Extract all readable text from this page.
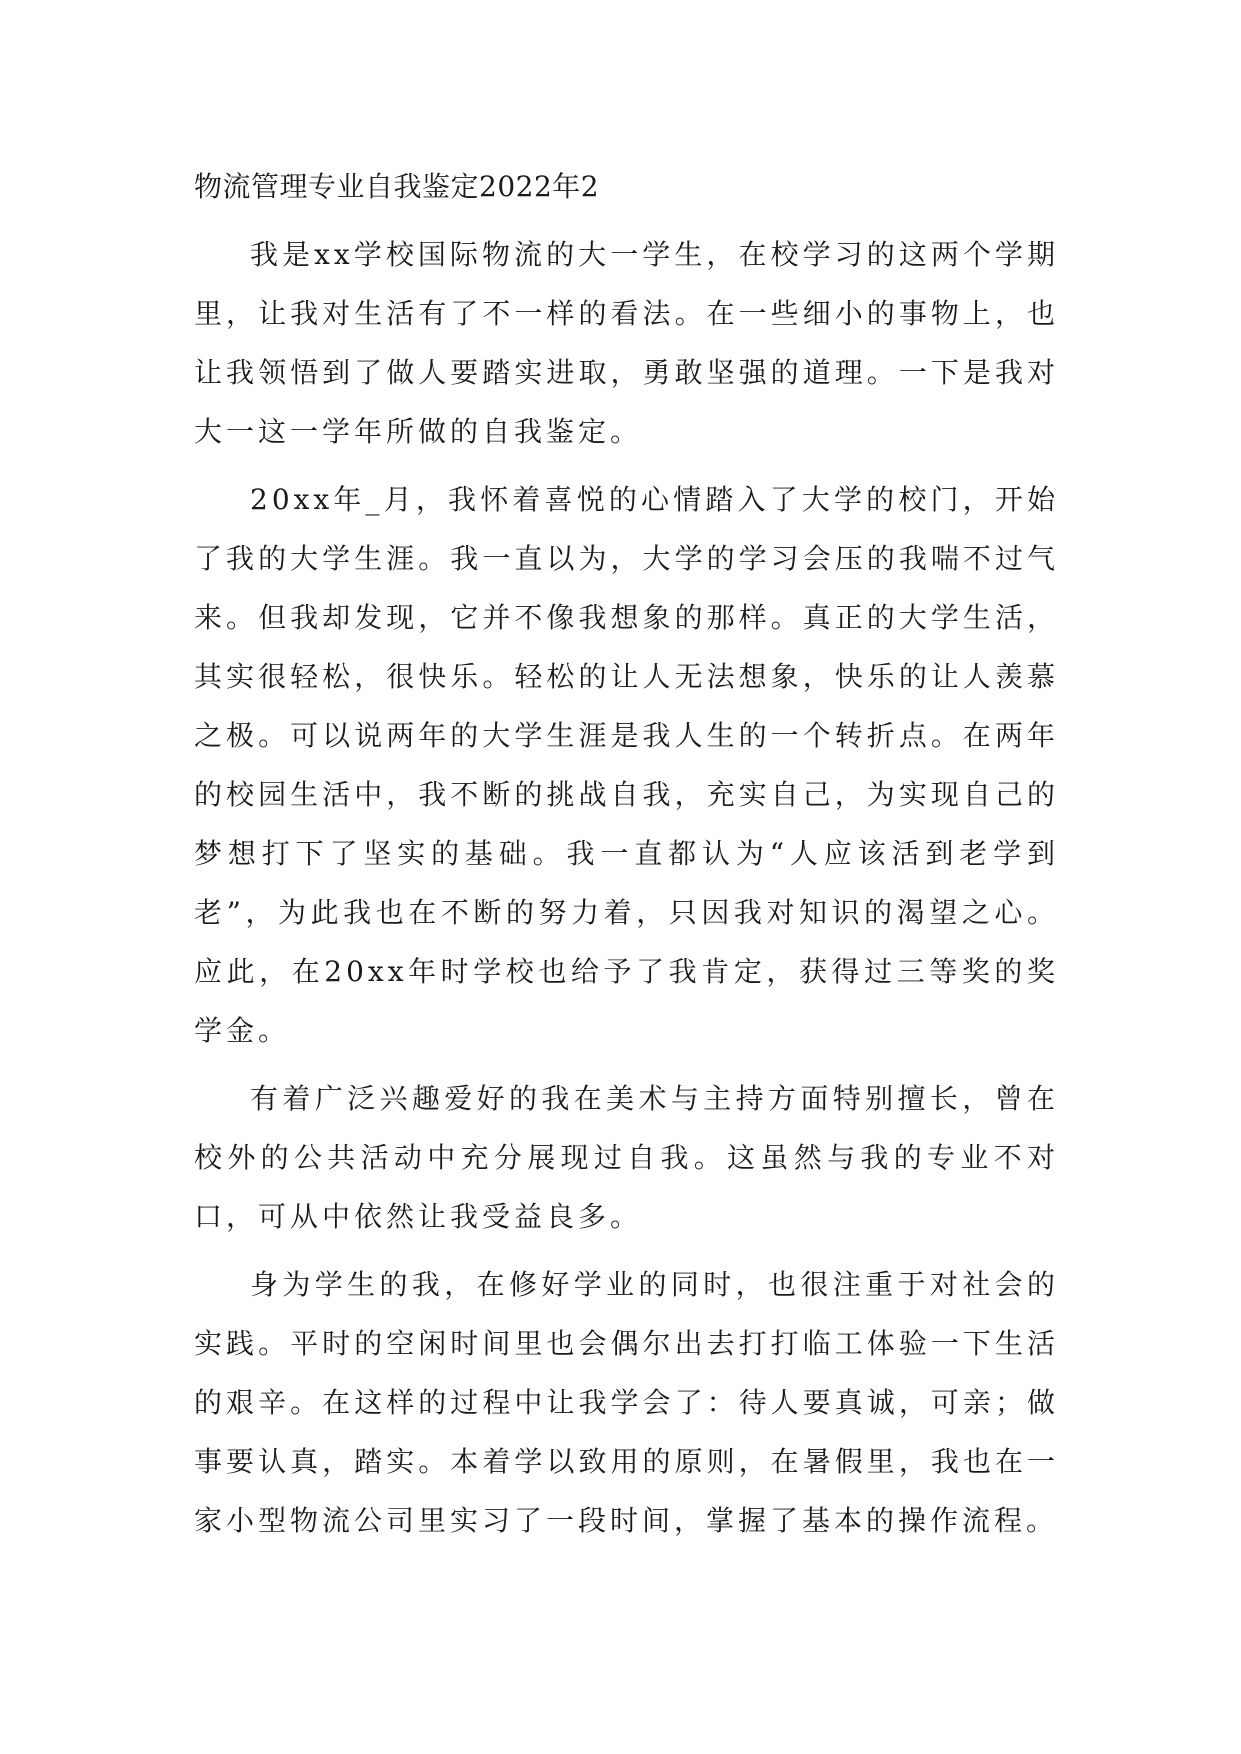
物流管理专业自我鉴定2022年2

我是xx学校国际物流的大一学生，在校学习的这两个学期里，让我对生活有了不一样的看法。在一些细小的事物上，也让我领悟到了做人要踏实进取，勇敢坚强的道理。一下是我对大一这一学年所做的自我鉴定。

20xx年_月，我怀着喜悦的心情踏入了大学的校门，开始了我的大学生涯。我一直以为，大学的学习会压的我喘不过气来。但我却发现，它并不像我想象的那样。真正的大学生活，其实很轻松，很快乐。轻松的让人无法想象，快乐的让人羡慕之极。可以说两年的大学生涯是我人生的一个转折点。在两年的校园生活中，我不断的挑战自我，充实自己，为实现自己的梦想打下了坚实的基础。我一直都认为“人应该活到老学到老”，为此我也在不断的努力着，只因我对知识的渴望之心。应此，在20xx年时学校也给予了我肯定，获得过三等奖的奖学金。

有着广泛兴趣爱好的我在美术与主持方面特别擅长，曾在校外的公共活动中充分展现过自我。这虽然与我的专业不对口，可从中依然让我受益良多。

身为学生的我，在修好学业的同时，也很注重于对社会的实践。平时的空闲时间里也会偶尔出去打打临工体验一下生活的艰辛。在这样的过程中让我学会了：待人要真诚，可亲；做事要认真，踏实。本着学以致用的原则，在暑假里，我也在一家小型物流公司里实习了一段时间，掌握了基本的操作流程。
